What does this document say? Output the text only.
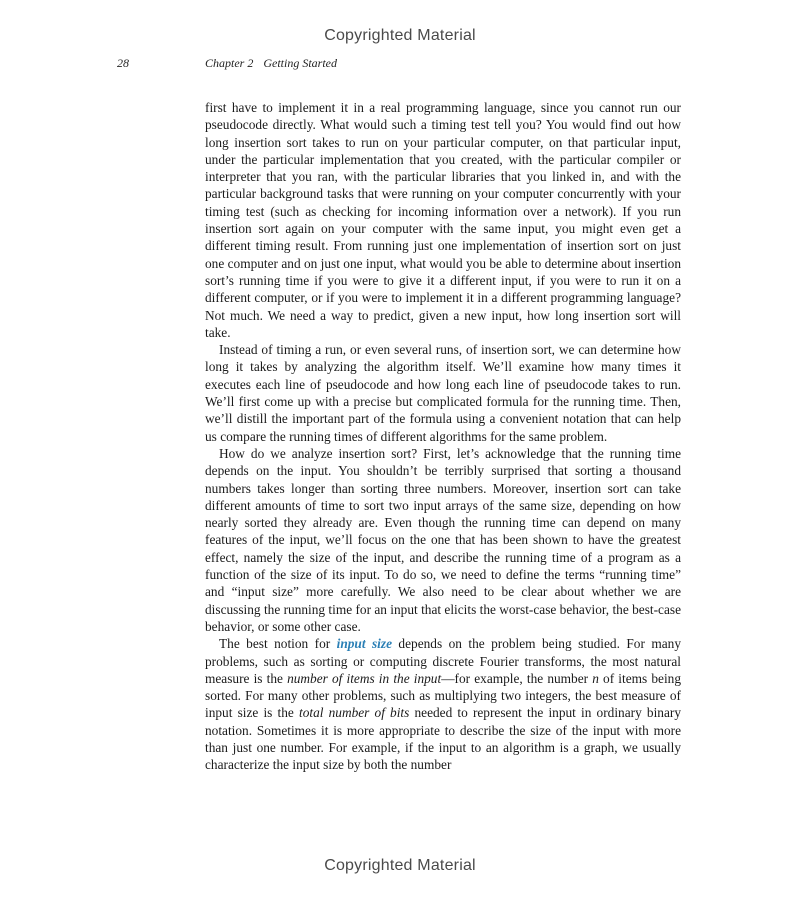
Copyrighted Material
28	Chapter 2 Getting Started

first have to implement it in a real programming language, since you cannot run our pseudocode directly. What would such a timing test tell you? You would find out how long insertion sort takes to run on your particular computer, on that particular input, under the particular implementation that you created, with the particular compiler or interpreter that you ran, with the particular libraries that you linked in, and with the particular background tasks that were running on your computer concurrently with your timing test (such as checking for incoming information over a network). If you run insertion sort again on your computer with the same input, you might even get a different timing result. From running just one implementation of insertion sort on just one computer and on just one input, what would you be able to determine about insertion sort’s running time if you were to give it a different input, if you were to run it on a different computer, or if you were to implement it in a different programming language? Not much. We need a way to predict, given a new input, how long insertion sort will take.

Instead of timing a run, or even several runs, of insertion sort, we can determine how long it takes by analyzing the algorithm itself. We’ll examine how many times it executes each line of pseudocode and how long each line of pseudocode takes to run. We’ll first come up with a precise but complicated formula for the running time. Then, we’ll distill the important part of the formula using a convenient notation that can help us compare the running times of different algorithms for the same problem.

How do we analyze insertion sort? First, let’s acknowledge that the running time depends on the input. You shouldn’t be terribly surprised that sorting a thousand numbers takes longer than sorting three numbers. Moreover, insertion sort can take different amounts of time to sort two input arrays of the same size, depending on how nearly sorted they already are. Even though the running time can depend on many features of the input, we’ll focus on the one that has been shown to have the greatest effect, namely the size of the input, and describe the running time of a program as a function of the size of its input. To do so, we need to define the terms “running time” and “input size” more carefully. We also need to be clear about whether we are discussing the running time for an input that elicits the worst-case behavior, the best-case behavior, or some other case.

The best notion for input size depends on the problem being studied. For many problems, such as sorting or computing discrete Fourier transforms, the most natural measure is the number of items in the input—for example, the number n of items being sorted. For many other problems, such as multiplying two integers, the best measure of input size is the total number of bits needed to represent the input in ordinary binary notation. Sometimes it is more appropriate to describe the size of the input with more than just one number. For example, if the input to an algorithm is a graph, we usually characterize the input size by both the number

Copyrighted Material
